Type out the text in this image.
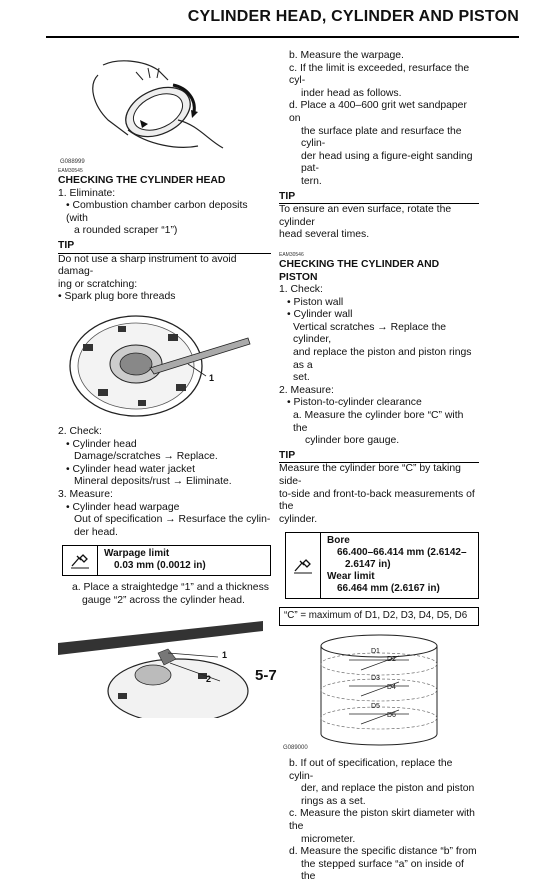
CYLINDER HEAD, CYLINDER AND PISTON
G088999
EAM30545

CHECKING THE CYLINDER HEAD

1. Eliminate:

• Combustion chamber carbon deposits (with

a rounded scraper “1”)

TIP

Do not use a sharp instrument to avoid damag-

ing or scratching:

• Spark plug bore threads

1

2. Check:

• Cylinder head

Damage/scratches → Replace.

• Cylinder head water jacket

Mineral deposits/rust → Eliminate.

3. Measure:

• Cylinder head warpage

Out of specification → Resurface the cylin-

der head.

Warpage limit
0.03 mm (0.0012 in)

a. Place a straightedge “1” and a thickness

gauge “2” across the cylinder head.

1
2

b. Measure the warpage.

c. If the limit is exceeded, resurface the cyl-

inder head as follows.

d. Place a 400–600 grit wet sandpaper on

the surface plate and resurface the cylin-

der head using a figure-eight sanding pat-

tern.

TIP

To ensure an even surface, rotate the cylinder

head several times.

EAM30546

CHECKING THE CYLINDER AND PISTON

1. Check:

• Piston wall

• Cylinder wall

Vertical scratches → Replace the cylinder,

and replace the piston and piston rings as a

set.

2. Measure:

• Piston-to-cylinder clearance

a. Measure the cylinder bore “C” with the

cylinder bore gauge.

TIP

Measure the cylinder bore “C” by taking side-

to-side and front-to-back measurements of the

cylinder.

Bore
66.400–66.414 mm (2.6142–
2.6147 in)
Wear limit
66.464 mm (2.6167 in)
“C” = maximum of D1, D2, D3, D4, D5, D6
D1
D2
D3
D4
D5
D6
G089000

b. If out of specification, replace the cylin-

der, and replace the piston and piston

rings as a set.

c. Measure the piston skirt diameter with the

micrometer.

d. Measure the specific distance “b” from

the stepped surface “a” on inside of the

5-7
